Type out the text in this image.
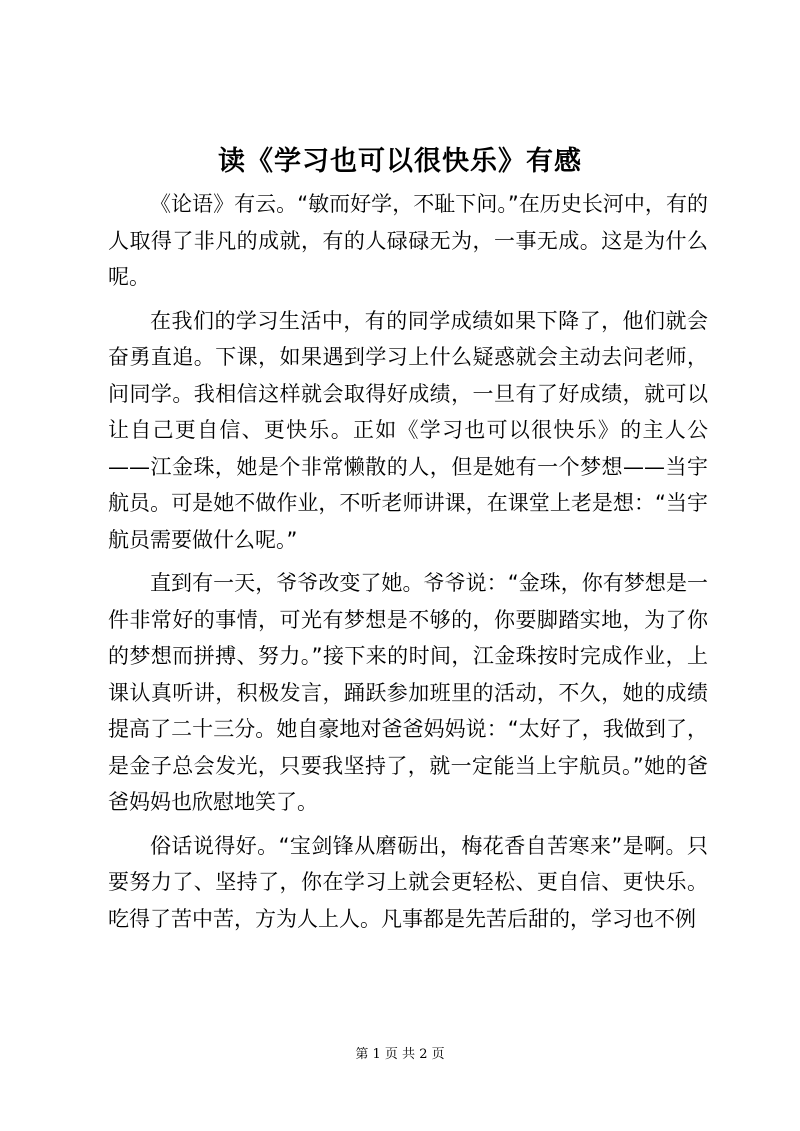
读《学习也可以很快乐》有感

《论语》有云。“敏而好学，不耻下问。”在历史长河中，有的人取得了非凡的成就，有的人碌碌无为，一事无成。这是为什么呢。

在我们的学习生活中，有的同学成绩如果下降了，他们就会奋勇直追。下课，如果遇到学习上什么疑惑就会主动去问老师，问同学。我相信这样就会取得好成绩，一旦有了好成绩，就可以让自己更自信、更快乐。正如《学习也可以很快乐》的主人公——江金珠，她是个非常懒散的人，但是她有一个梦想——当宇航员。可是她不做作业，不听老师讲课，在课堂上老是想：“当宇航员需要做什么呢。”

直到有一天，爷爷改变了她。爷爷说：“金珠，你有梦想是一件非常好的事情，可光有梦想是不够的，你要脚踏实地，为了你的梦想而拼搏、努力。”接下来的时间，江金珠按时完成作业，上课认真听讲，积极发言，踊跃参加班里的活动，不久，她的成绩提高了二十三分。她自豪地对爸爸妈妈说：“太好了，我做到了，是金子总会发光，只要我坚持了，就一定能当上宇航员。”她的爸爸妈妈也欣慰地笑了。

俗话说得好。“宝剑锋从磨砺出，梅花香自苦寒来”是啊。只要努力了、坚持了，你在学习上就会更轻松、更自信、更快乐。吃得了苦中苦，方为人上人。凡事都是先苦后甜的，学习也不例

第 1 页 共 2 页
